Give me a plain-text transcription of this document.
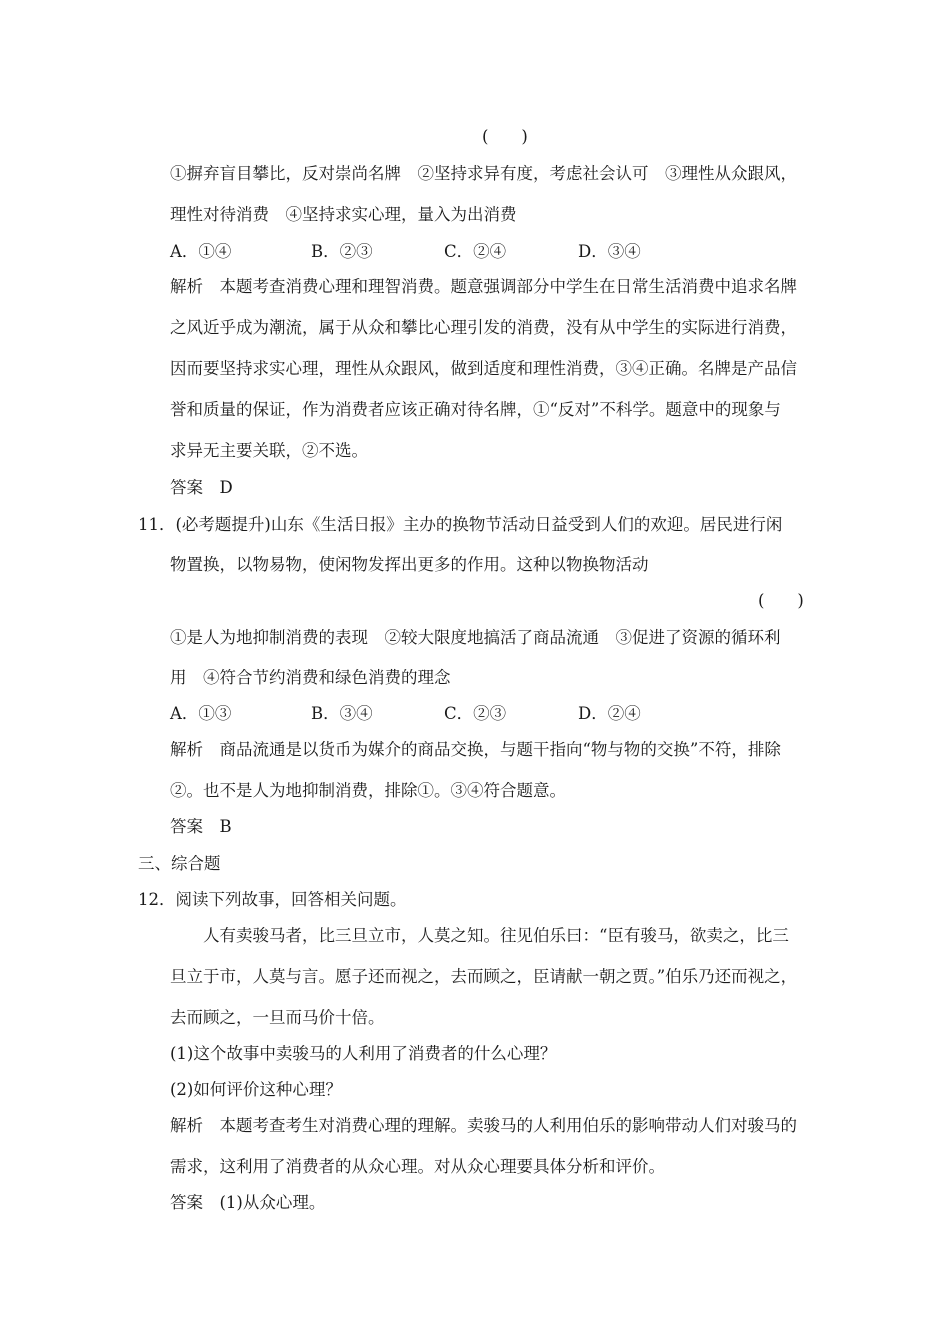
(　　)
①摒弃盲目攀比，反对崇尚名牌　②坚持求异有度，考虑社会认可　③理性从众跟风，
理性对待消费　④坚持求实心理，量入为出消费
A．①④	B．②③	C．②④	D．③④
解析　本题考查消费心理和理智消费。题意强调部分中学生在日常生活消费中追求名牌
之风近乎成为潮流，属于从众和攀比心理引发的消费，没有从中学生的实际进行消费，
因而要坚持求实心理，理性从众跟风，做到适度和理性消费，③④正确。名牌是产品信
誉和质量的保证，作为消费者应该正确对待名牌，①“反对”不科学。题意中的现象与
求异无主要关联，②不选。
答案　D
11．(必考题提升)山东《生活日报》主办的换物节活动日益受到人们的欢迎。居民进行闲
物置换，以物易物，使闲物发挥出更多的作用。这种以物换物活动
(　　)
①是人为地抑制消费的表现　②较大限度地搞活了商品流通　③促进了资源的循环利
用　④符合节约消费和绿色消费的理念
A．①③	B．③④	C．②③	D．②④
解析　商品流通是以货币为媒介的商品交换，与题干指向“物与物的交换”不符，排除
②。也不是人为地抑制消费，排除①。③④符合题意。
答案　B
三、综合题
12．阅读下列故事，回答相关问题。
人有卖骏马者，比三旦立市，人莫之知。往见伯乐曰：“臣有骏马，欲卖之，比三
旦立于市，人莫与言。愿子还而视之，去而顾之，臣请献一朝之贾。”伯乐乃还而视之，
去而顾之，一旦而马价十倍。
(1)这个故事中卖骏马的人利用了消费者的什么心理？
(2)如何评价这种心理？
解析　本题考查考生对消费心理的理解。卖骏马的人利用伯乐的影响带动人们对骏马的
需求，这利用了消费者的从众心理。对从众心理要具体分析和评价。
答案　(1)从众心理。
